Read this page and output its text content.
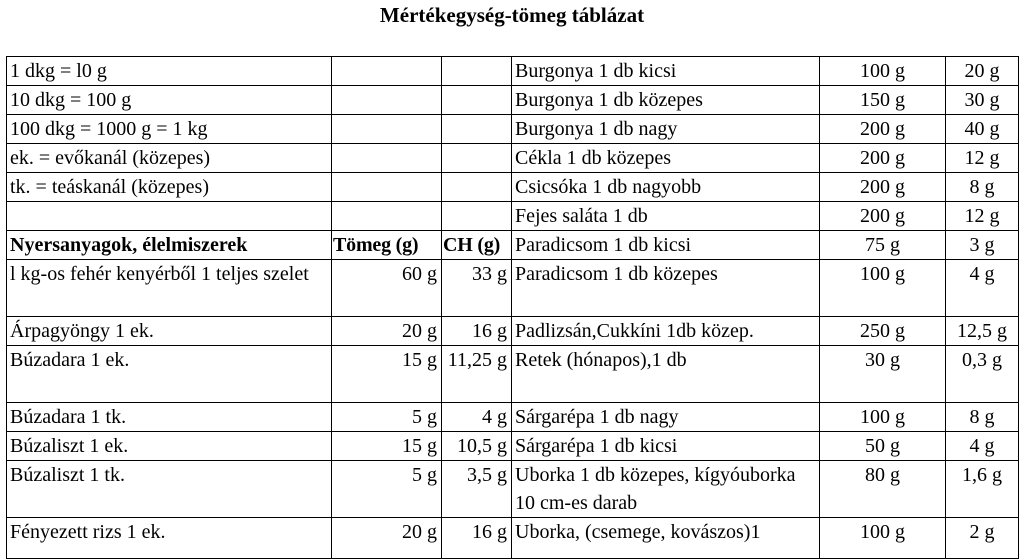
Mértékegység-tömeg táblázat
1 dkg = l0 g			Burgonya 1 db kicsi	100 g	20 g
10 dkg = 100 g			Burgonya 1 db közepes	150 g	30 g
100 dkg = 1000 g = 1 kg			Burgonya 1 db nagy	200 g	40 g
ek. = evőkanál (közepes)			Cékla 1 db közepes	200 g	12 g
tk. = teáskanál (közepes)			Csicsóka 1 db nagyobb	200 g	8 g
			Fejes saláta 1 db	200 g	12 g
Nyersanyagok, élelmiszerek	Tömeg (g)	CH (g)	Paradicsom 1 db kicsi	75 g	3 g
l kg-os fehér kenyérből 1 teljes szelet	60 g	33 g	Paradicsom 1 db közepes	100 g	4 g
Árpagyöngy 1 ek.	20 g	16 g	Padlizsán,Cukkíni 1db közep.	250 g	12,5 g
Búzadara 1 ek.	15 g	11,25 g	Retek (hónapos),1 db	30 g	0,3 g
Búzadara 1 tk.	5 g	4 g	Sárgarépa 1 db nagy	100 g	8 g
Búzaliszt 1 ek.	15 g	10,5 g	Sárgarépa 1 db kicsi	50 g	4 g
Búzaliszt 1 tk.	5 g	3,5 g	Uborka 1 db közepes, kígyóuborka 10 cm-es darab	80 g	1,6 g
Fényezett rizs 1 ek.	20 g	16 g	Uborka, (csemege, kovászos)1	100 g	2 g
